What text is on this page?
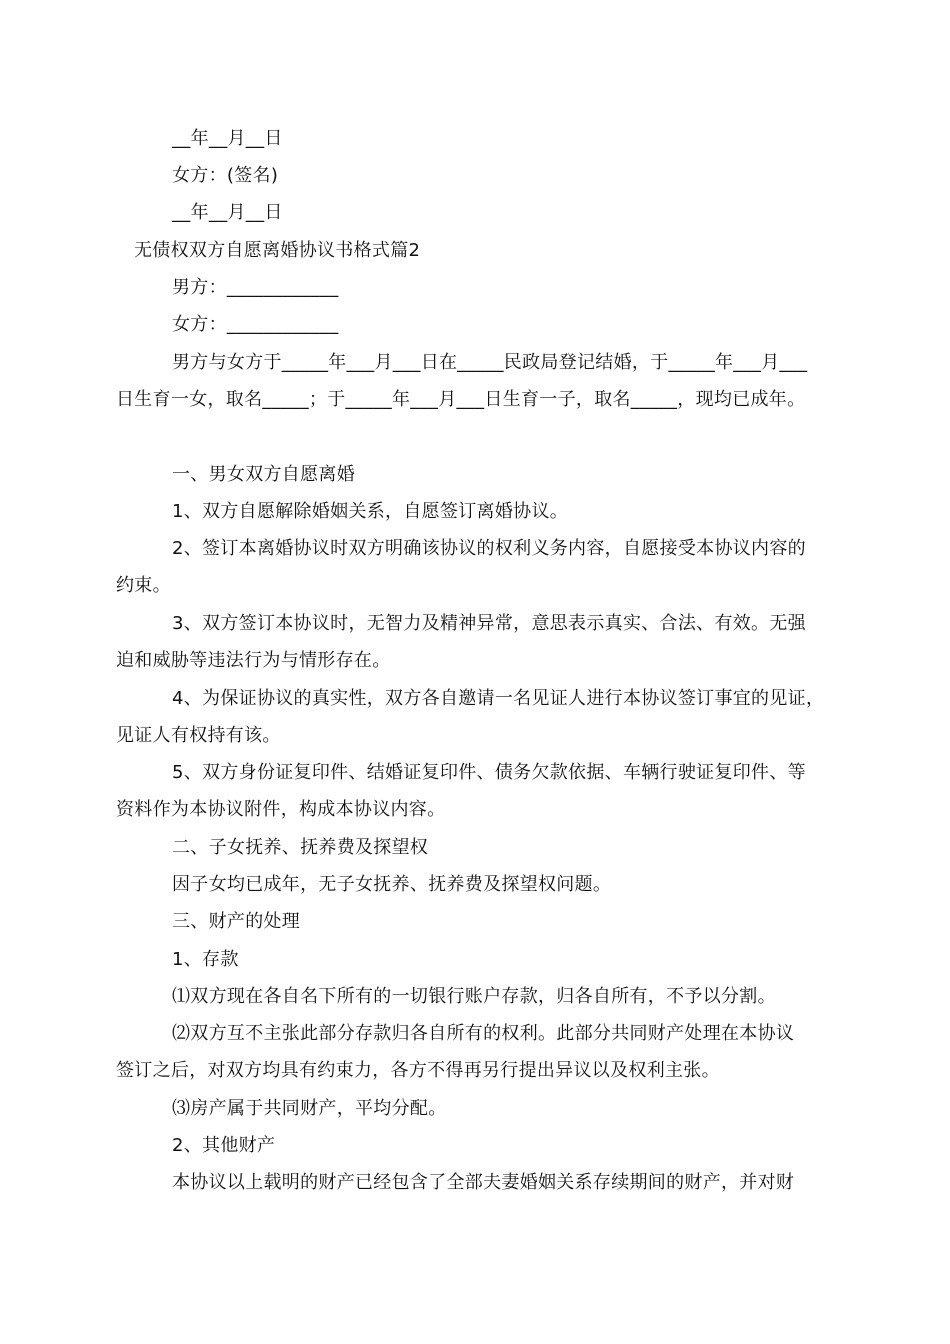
__年__月__日
女方：(签名)
__年__月__日
无债权双方自愿离婚协议书格式篇2
男方：____________
女方：____________
男方与女方于_____年___月___日在_____民政局登记结婚，于_____年___月___
日生育一女，取名_____；于_____年___月___日生育一子，取名_____，现均已成年。
一、男女双方自愿离婚
1、双方自愿解除婚姻关系，自愿签订离婚协议。
2、签订本离婚协议时双方明确该协议的权利义务内容，自愿接受本协议内容的
约束。
3、双方签订本协议时，无智力及精神异常，意思表示真实、合法、有效。无强
迫和威胁等违法行为与情形存在。
4、为保证协议的真实性，双方各自邀请一名见证人进行本协议签订事宜的见证，
见证人有权持有该。
5、双方身份证复印件、结婚证复印件、债务欠款依据、车辆行驶证复印件、等
资料作为本协议附件，构成本协议内容。
二、子女抚养、抚养费及探望权
因子女均已成年，无子女抚养、抚养费及探望权问题。
三、财产的处理
1、存款
⑴双方现在各自名下所有的一切银行账户存款，归各自所有，不予以分割。
⑵双方互不主张此部分存款归各自所有的权利。此部分共同财产处理在本协议
签订之后，对双方均具有约束力，各方不得再另行提出异议以及权利主张。
⑶房产属于共同财产，平均分配。
2、其他财产
本协议以上载明的财产已经包含了全部夫妻婚姻关系存续期间的财产，并对财
